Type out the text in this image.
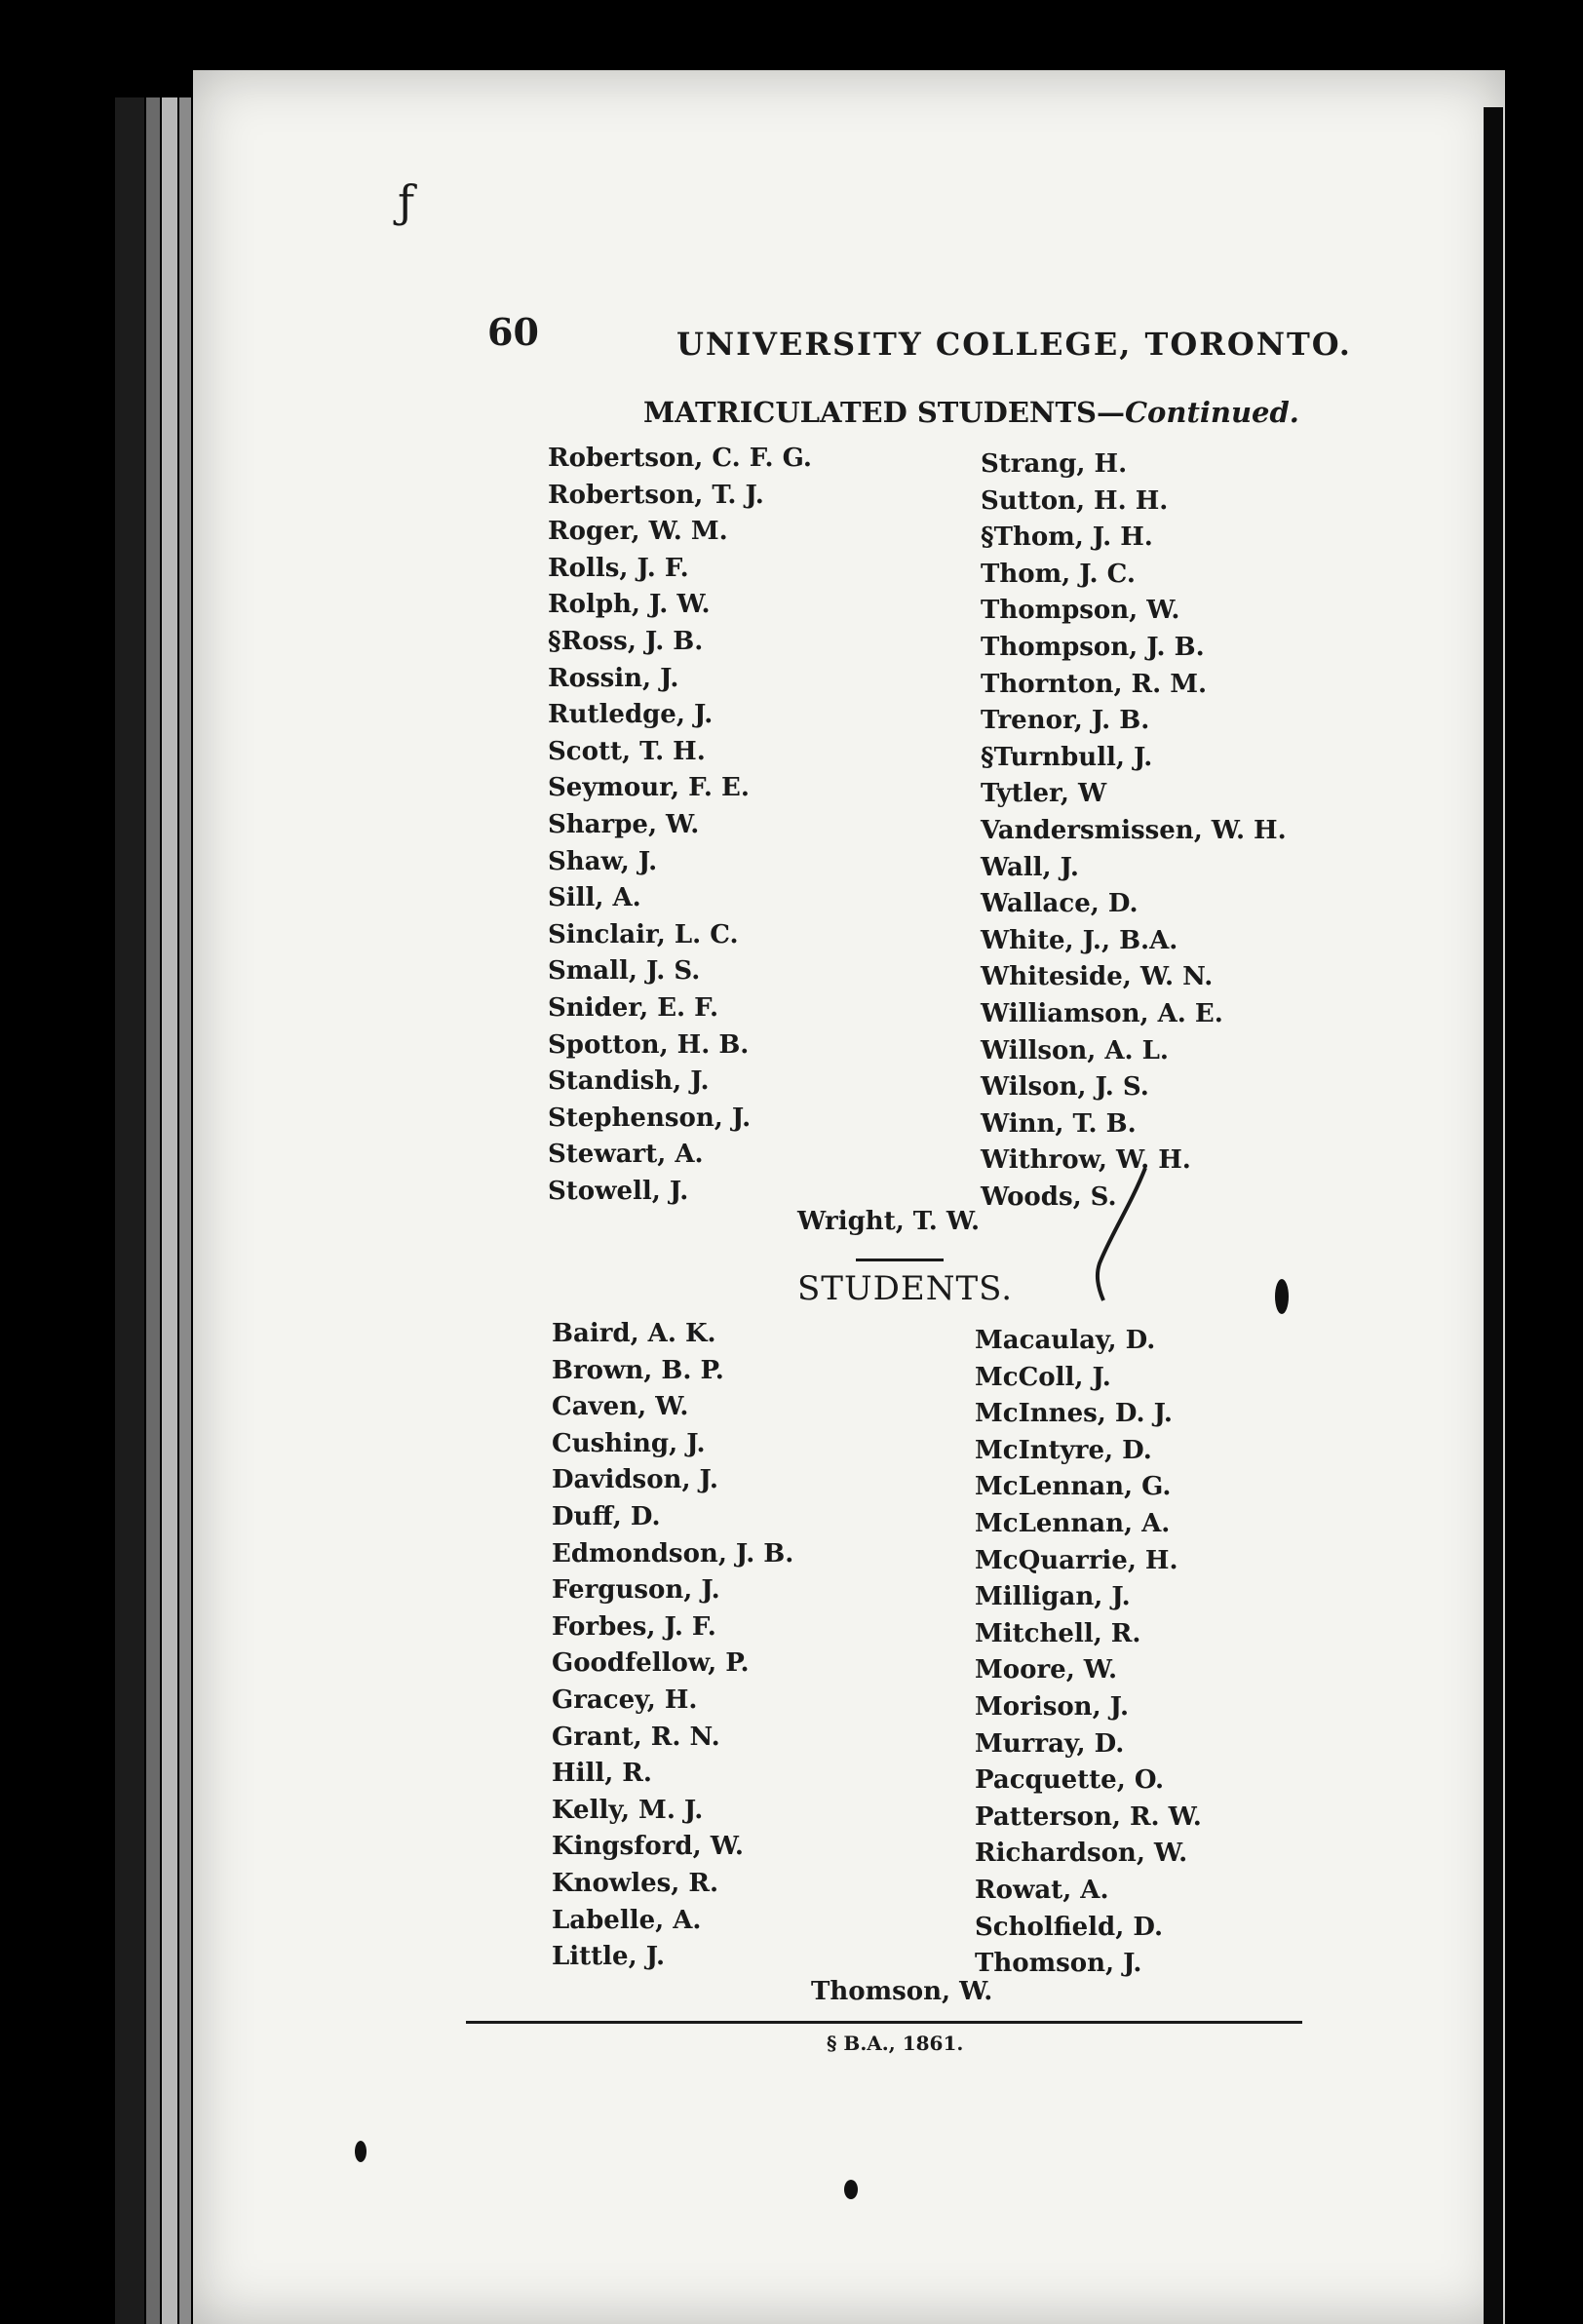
ƒ
60	UNIVERSITY COLLEGE, TORONTO.
MATRICULATED STUDENTS—Continued.
Robertson, C. F. G.
Robertson, T. J.
Roger, W. M.
Rolls, J. F.
Rolph, J. W.
§Ross, J. B.
Rossin, J.
Rutledge, J.
Scott, T. H.
Seymour, F. E.
Sharpe, W.
Shaw, J.
Sill, A.
Sinclair, L. C.
Small, J. S.
Snider, E. F.
Spotton, H. B.
Standish, J.
Stephenson, J.
Stewart, A.
Stowell, J.
Strang, H.
Sutton, H. H.
§Thom, J. H.
Thom, J. C.
Thompson, W.
Thompson, J. B.
Thornton, R. M.
Trenor, J. B.
§Turnbull, J.
Tytler, W
Vandersmissen, W. H.
Wall, J.
Wallace, D.
White, J., B.A.
Whiteside, W. N.
Williamson, A. E.
Willson, A. L.
Wilson, J. S.
Winn, T. B.
Withrow, W. H.
Woods, S.
Wright, T. W.
STUDENTS.
Baird, A. K.
Brown, B. P.
Caven, W.
Cushing, J.
Davidson, J.
Duff, D.
Edmondson, J. B.
Ferguson, J.
Forbes, J. F.
Goodfellow, P.
Gracey, H.
Grant, R. N.
Hill, R.
Kelly, M. J.
Kingsford, W.
Knowles, R.
Labelle, A.
Little, J.
Macaulay, D.
McColl, J.
McInnes, D. J.
McIntyre, D.
McLennan, G.
McLennan, A.
McQuarrie, H.
Milligan, J.
Mitchell, R.
Moore, W.
Morison, J.
Murray, D.
Pacquette, O.
Patterson, R. W.
Richardson, W.
Rowat, A.
Scholfield, D.
Thomson, J.
Thomson, W.
§ B.A., 1861.
